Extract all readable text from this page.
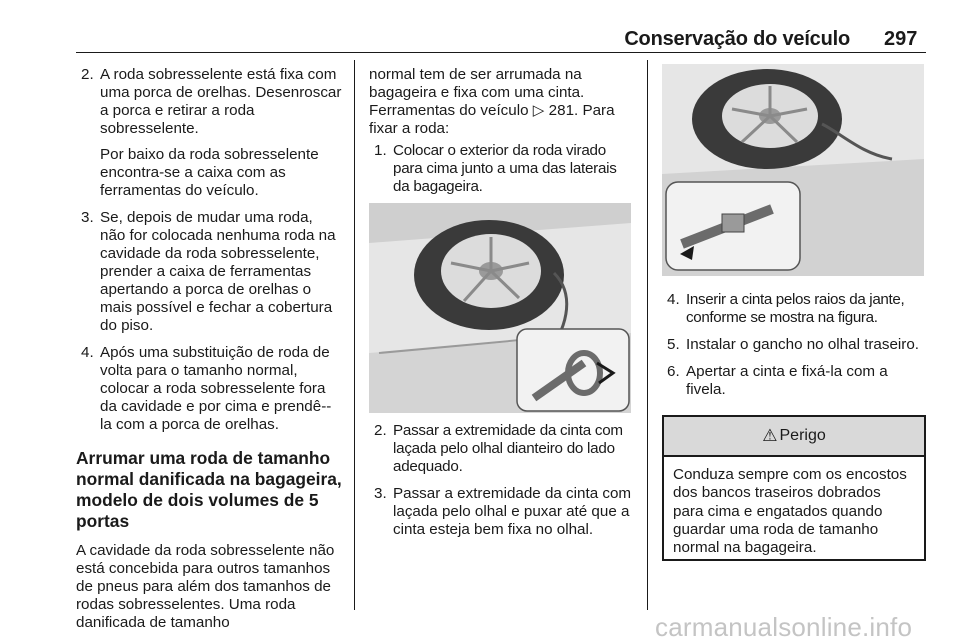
Conservação do veículo 297
2. A roda sobresselente está fixa com uma porca de orelhas. Desenroscar a porca e retirar a roda sobresselente.

Por baixo da roda sobresselente encontra-se a caixa com as ferramentas do veículo.

3. Se, depois de mudar uma roda, não for colocada nenhuma roda na cavidade da roda sobresselente, prender a caixa de ferramentas apertando a porca de orelhas o mais possível e fechar a cobertura do piso.

4. Após uma substituição de roda de volta para o tamanho normal, colocar a roda sobresselente fora da cavidade e por cima e prendê--la com a porca de orelhas.

Arrumar uma roda de tamanho normal danificada na bagageira, modelo de dois volumes de 5 portas

A cavidade da roda sobresselente não está concebida para outros tamanhos de pneus para além dos tamanhos de rodas sobresselentes. Uma roda danificada de tamanho

normal tem de ser arrumada na bagageira e fixa com uma cinta. Ferramentas do veículo ▷ 281. Para fixar a roda:

1. Colocar o exterior da roda virado para cima junto a uma das laterais da bagageira.

2. Passar a extremidade da cinta com laçada pelo olhal dianteiro do lado adequado.

3. Passar a extremidade da cinta com laçada pelo olhal e puxar até que a cinta esteja bem fixa no olhal.

4. Inserir a cinta pelos raios da jante, conforme se mostra na figura.

5. Instalar o gancho no olhal traseiro.

6. Apertar a cinta e fixá-la com a fivela.

⚠ Perigo
Conduza sempre com os encostos dos bancos traseiros dobrados para cima e engatados quando guardar uma roda de tamanho normal na bagageira.
carmanualsonline.info
